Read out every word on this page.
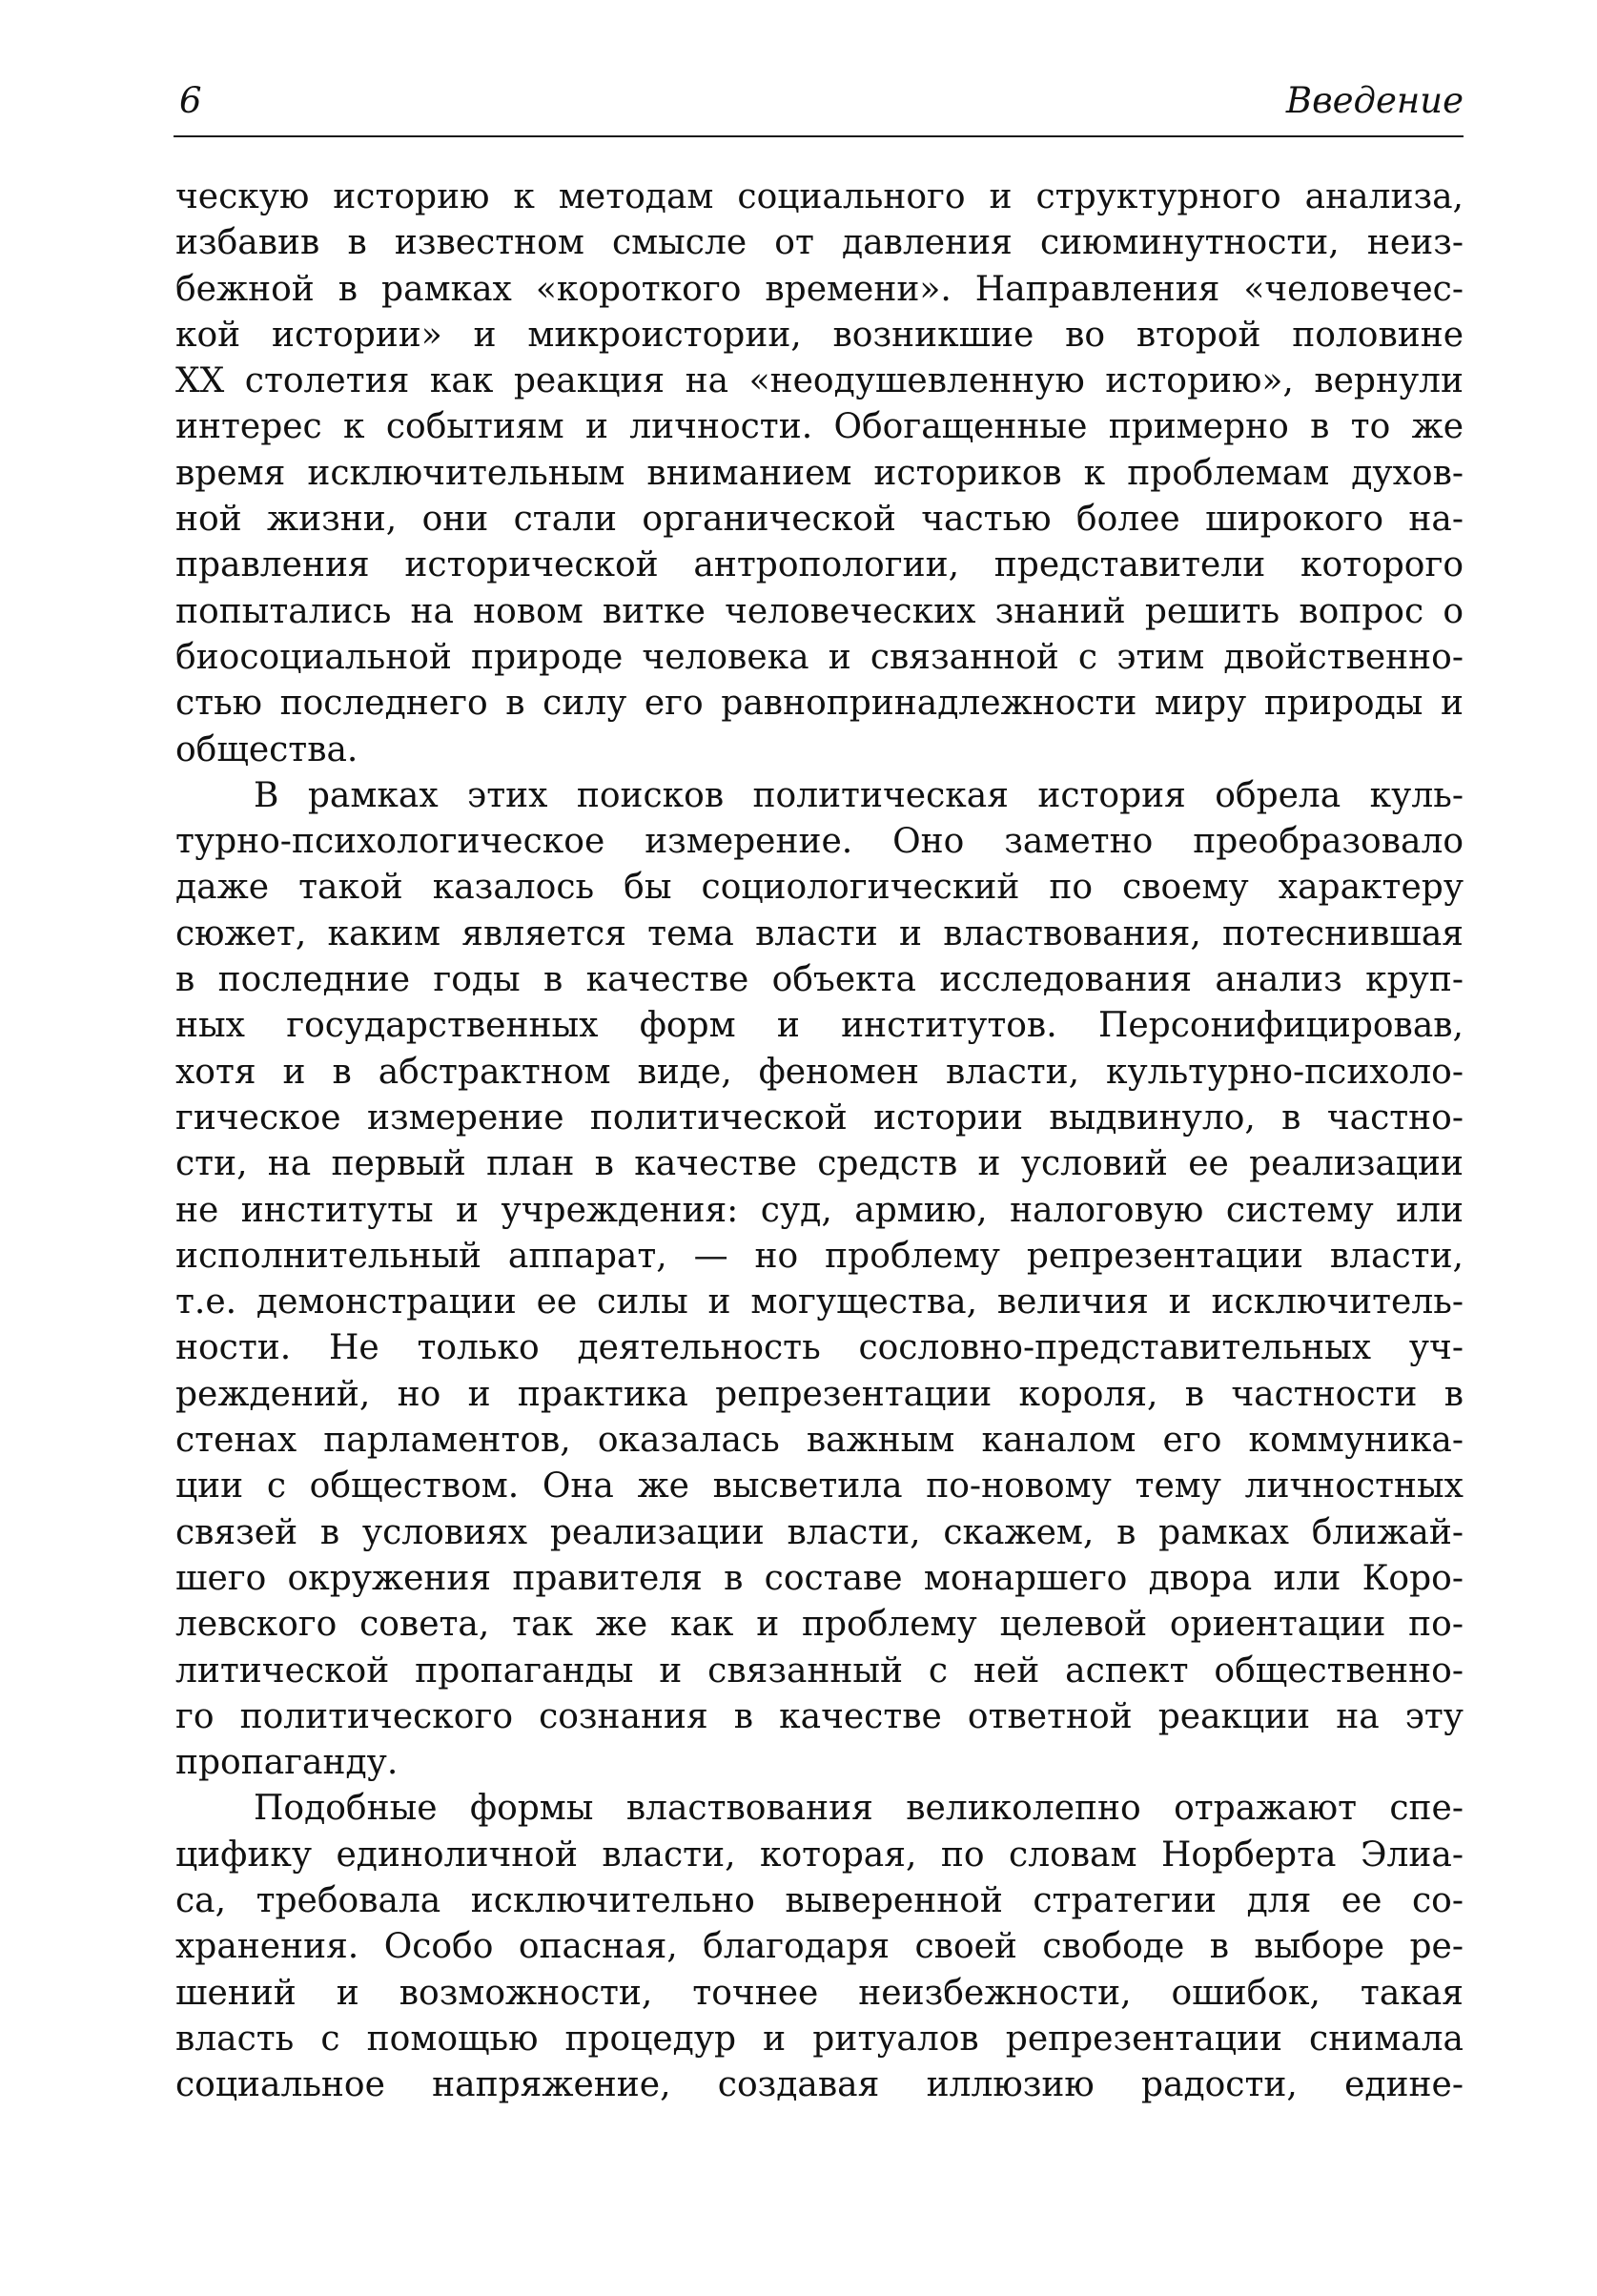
6	Введение
ческую историю к методам социального и структурного анализа,
избавив в известном смысле от давления сиюминутности, неиз-
бежной в рамках «короткого времени». Направления «человечес-
кой истории» и микроистории, возникшие во второй половине
XX столетия как реакция на «неодушевленную историю», вернули
интерес к событиям и личности. Обогащенные примерно в то же
время исключительным вниманием историков к проблемам духов-
ной жизни, они стали органической частью более широкого на-
правления исторической антропологии, представители которого
попытались на новом витке человеческих знаний решить вопрос о
биосоциальной природе человека и связанной с этим двойственно-
стью последнего в силу его равнопринадлежности миру природы и
общества.
В рамках этих поисков политическая история обрела куль-
турно-психологическое измерение. Оно заметно преобразовало
даже такой казалось бы социологический по своему характеру
сюжет, каким является тема власти и властвования, потеснившая
в последние годы в качестве объекта исследования анализ круп-
ных государственных форм и институтов. Персонифицировав,
хотя и в абстрактном виде, феномен власти, культурно-психоло-
гическое измерение политической истории выдвинуло, в частно-
сти, на первый план в качестве средств и условий ее реализации
не институты и учреждения: суд, армию, налоговую систему или
исполнительный аппарат, — но проблему репрезентации власти,
т.е. демонстрации ее силы и могущества, величия и исключитель-
ности. Не только деятельность сословно-представительных уч-
реждений, но и практика репрезентации короля, в частности в
стенах парламентов, оказалась важным каналом его коммуника-
ции с обществом. Она же высветила по-новому тему личностных
связей в условиях реализации власти, скажем, в рамках ближай-
шего окружения правителя в составе монаршего двора или Коро-
левского совета, так же как и проблему целевой ориентации по-
литической пропаганды и связанный с ней аспект общественно-
го политического сознания в качестве ответной реакции на эту
пропаганду.
Подобные формы властвования великолепно отражают спе-
цифику единоличной власти, которая, по словам Норберта Элиа-
са, требовала исключительно выверенной стратегии для ее со-
хранения. Особо опасная, благодаря своей свободе в выборе ре-
шений и возможности, точнее неизбежности, ошибок, такая
власть с помощью процедур и ритуалов репрезентации снимала
социальное напряжение, создавая иллюзию радости, едине-
